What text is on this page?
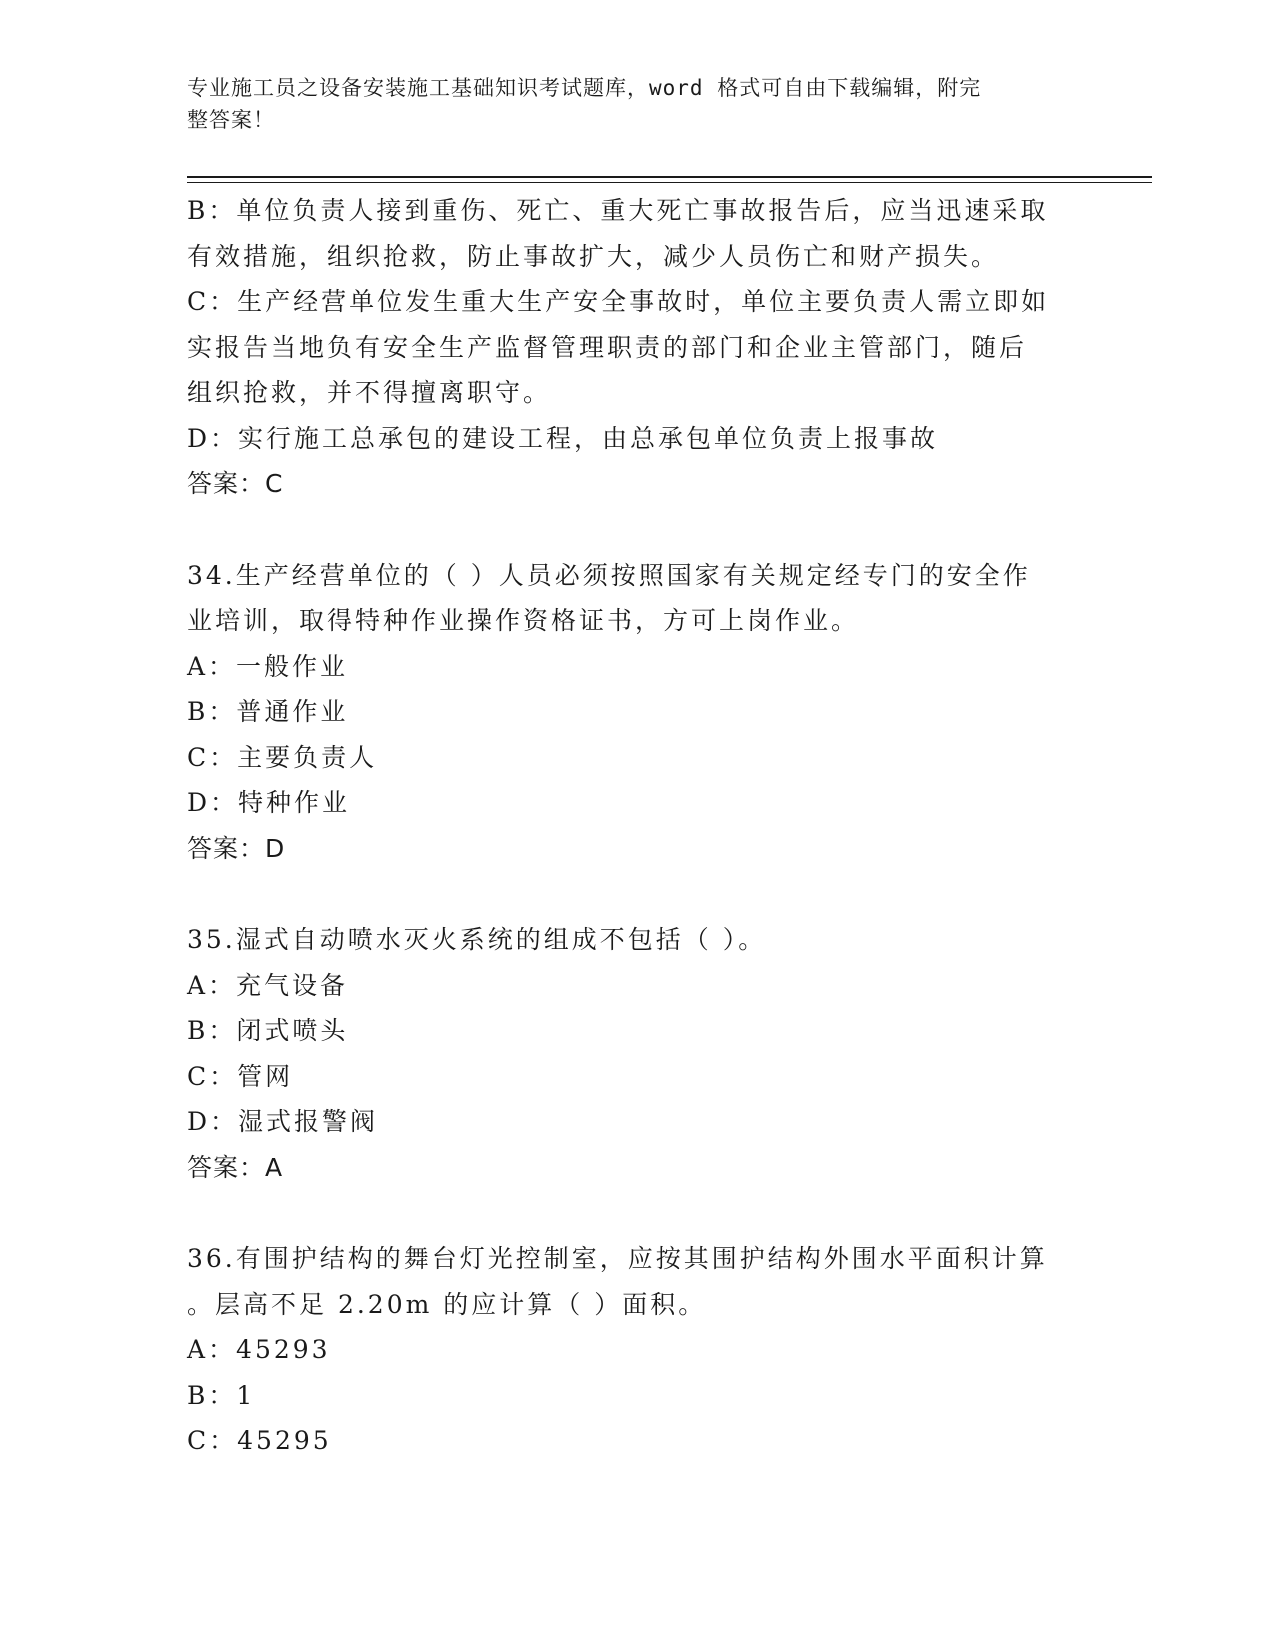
专业施工员之设备安装施工基础知识考试题库，word 格式可自由下载编辑，附完
整答案！
B：单位负责人接到重伤、死亡、重大死亡事故报告后，应当迅速采取
有效措施，组织抢救，防止事故扩大，减少人员伤亡和财产损失。
C：生产经营单位发生重大生产安全事故时，单位主要负责人需立即如
实报告当地负有安全生产监督管理职责的部门和企业主管部门，随后
组织抢救，并不得擅离职守。
D：实行施工总承包的建设工程，由总承包单位负责上报事故
答案：C
34.生产经营单位的（ ）人员必须按照国家有关规定经专门的安全作
业培训，取得特种作业操作资格证书，方可上岗作业。
A：一般作业
B：普通作业
C：主要负责人
D：特种作业
答案：D
35.湿式自动喷水灭火系统的组成不包括（ ）。
A：充气设备
B：闭式喷头
C：管网
D：湿式报警阀
答案：A
36.有围护结构的舞台灯光控制室，应按其围护结构外围水平面积计算
。层高不足 2.20m 的应计算（ ）面积。
A：45293
B：1
C：45295
